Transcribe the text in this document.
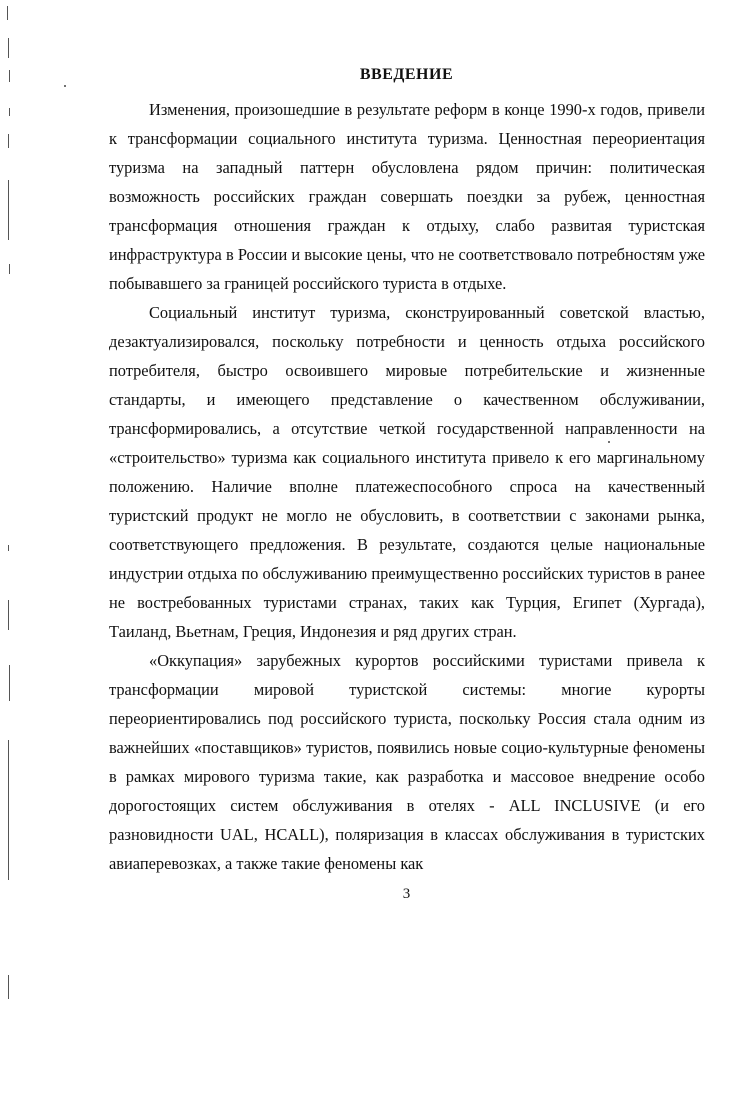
ВВЕДЕНИЕ

Изменения, произошедшие в результате реформ в конце 1990-х годов, привели к трансформации социального института туризма. Ценностная переориентация туризма на западный паттерн обусловлена рядом причин: политическая возможность российских граждан совершать поездки за рубеж, ценностная трансформация отношения граждан к отдыху, слабо развитая туристская инфраструктура в России и высокие цены, что не соответствовало потребностям уже побывавшего за границей российского туриста в отдыхе.

Социальный институт туризма, сконструированный советской властью, дезактуализировался, поскольку потребности и ценность отдыха российского потребителя, быстро освоившего мировые потребительские и жизненные стандарты, и имеющего представление о качественном обслуживании, трансформировались, а отсутствие четкой государственной направленности на «строительство» туризма как социального института привело к его маргинальному положению. Наличие вполне платежеспособного спроса на качественный туристский продукт не могло не обусловить, в соответствии с законами рынка, соответствующего предложения. В результате, создаются целые национальные индустрии отдыха по обслуживанию преимущественно российских туристов в ранее не востребованных туристами странах, таких как Турция, Египет (Хургада), Таиланд, Вьетнам, Греция, Индонезия и ряд других стран.

«Оккупация» зарубежных курортов российскими туристами привела к трансформации мировой туристской системы: многие курорты переориентировались под российского туриста, поскольку Россия стала одним из важнейших «поставщиков» туристов, появились новые социо-культурные феномены в рамках мирового туризма такие, как разработка и массовое внедрение особо дорогостоящих систем обслуживания в отелях - ALL INCLUSIVE (и его разновидности UAL, HCALL), поляризация в классах обслуживания в туристских авиаперевозках, а также такие феномены как

3
